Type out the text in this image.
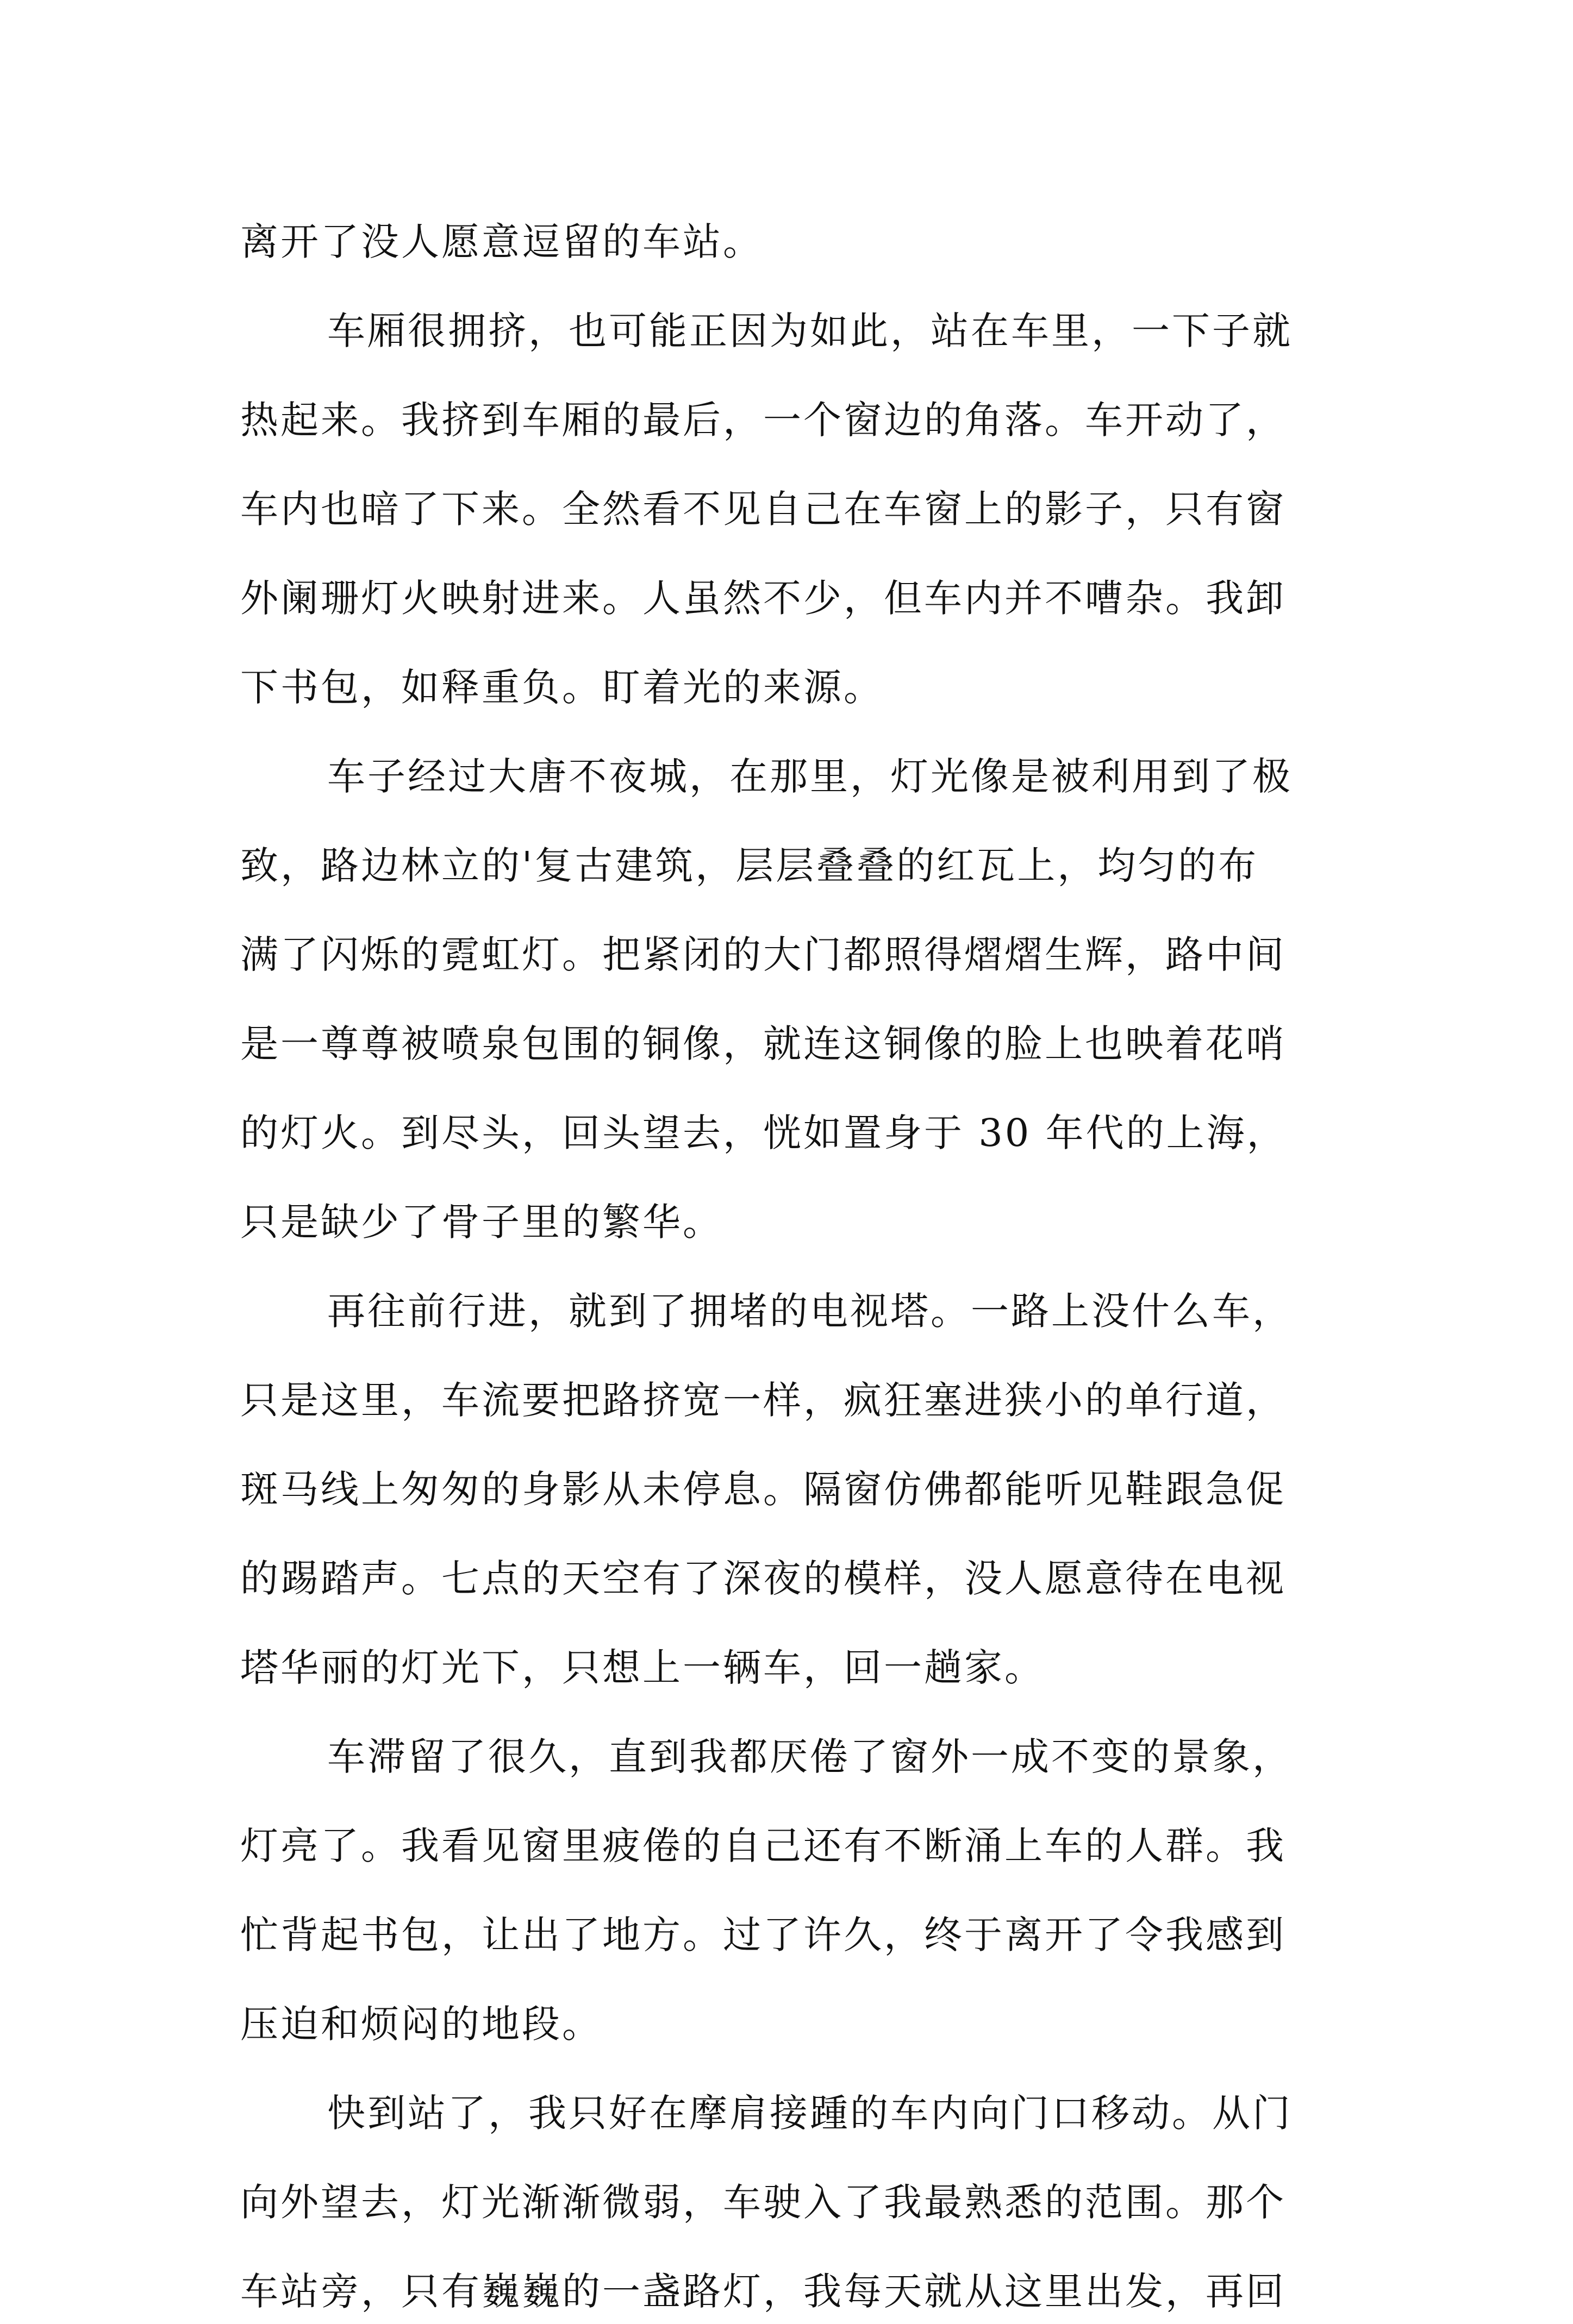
离开了没人愿意逗留的车站。
车厢很拥挤，也可能正因为如此，站在车里，一下子就
热起来。我挤到车厢的最后，一个窗边的角落。车开动了，
车内也暗了下来。全然看不见自己在车窗上的影子，只有窗
外阑珊灯火映射进来。人虽然不少，但车内并不嘈杂。我卸
下书包，如释重负。盯着光的来源。
车子经过大唐不夜城，在那里，灯光像是被利用到了极
致，路边林立的'复古建筑，层层叠叠的红瓦上，均匀的布
满了闪烁的霓虹灯。把紧闭的大门都照得熠熠生辉，路中间
是一尊尊被喷泉包围的铜像，就连这铜像的脸上也映着花哨
的灯火。到尽头，回头望去，恍如置身于 30 年代的上海，
只是缺少了骨子里的繁华。
再往前行进，就到了拥堵的电视塔。一路上没什么车，
只是这里，车流要把路挤宽一样，疯狂塞进狭小的单行道，
斑马线上匆匆的身影从未停息。隔窗仿佛都能听见鞋跟急促
的踢踏声。七点的天空有了深夜的模样，没人愿意待在电视
塔华丽的灯光下，只想上一辆车，回一趟家。
车滞留了很久，直到我都厌倦了窗外一成不变的景象，
灯亮了。我看见窗里疲倦的自己还有不断涌上车的人群。我
忙背起书包，让出了地方。过了许久，终于离开了令我感到
压迫和烦闷的地段。
快到站了，我只好在摩肩接踵的车内向门口移动。从门
向外望去，灯光渐渐微弱，车驶入了我最熟悉的范围。那个
车站旁，只有巍巍的一盏路灯，我每天就从这里出发，再回
